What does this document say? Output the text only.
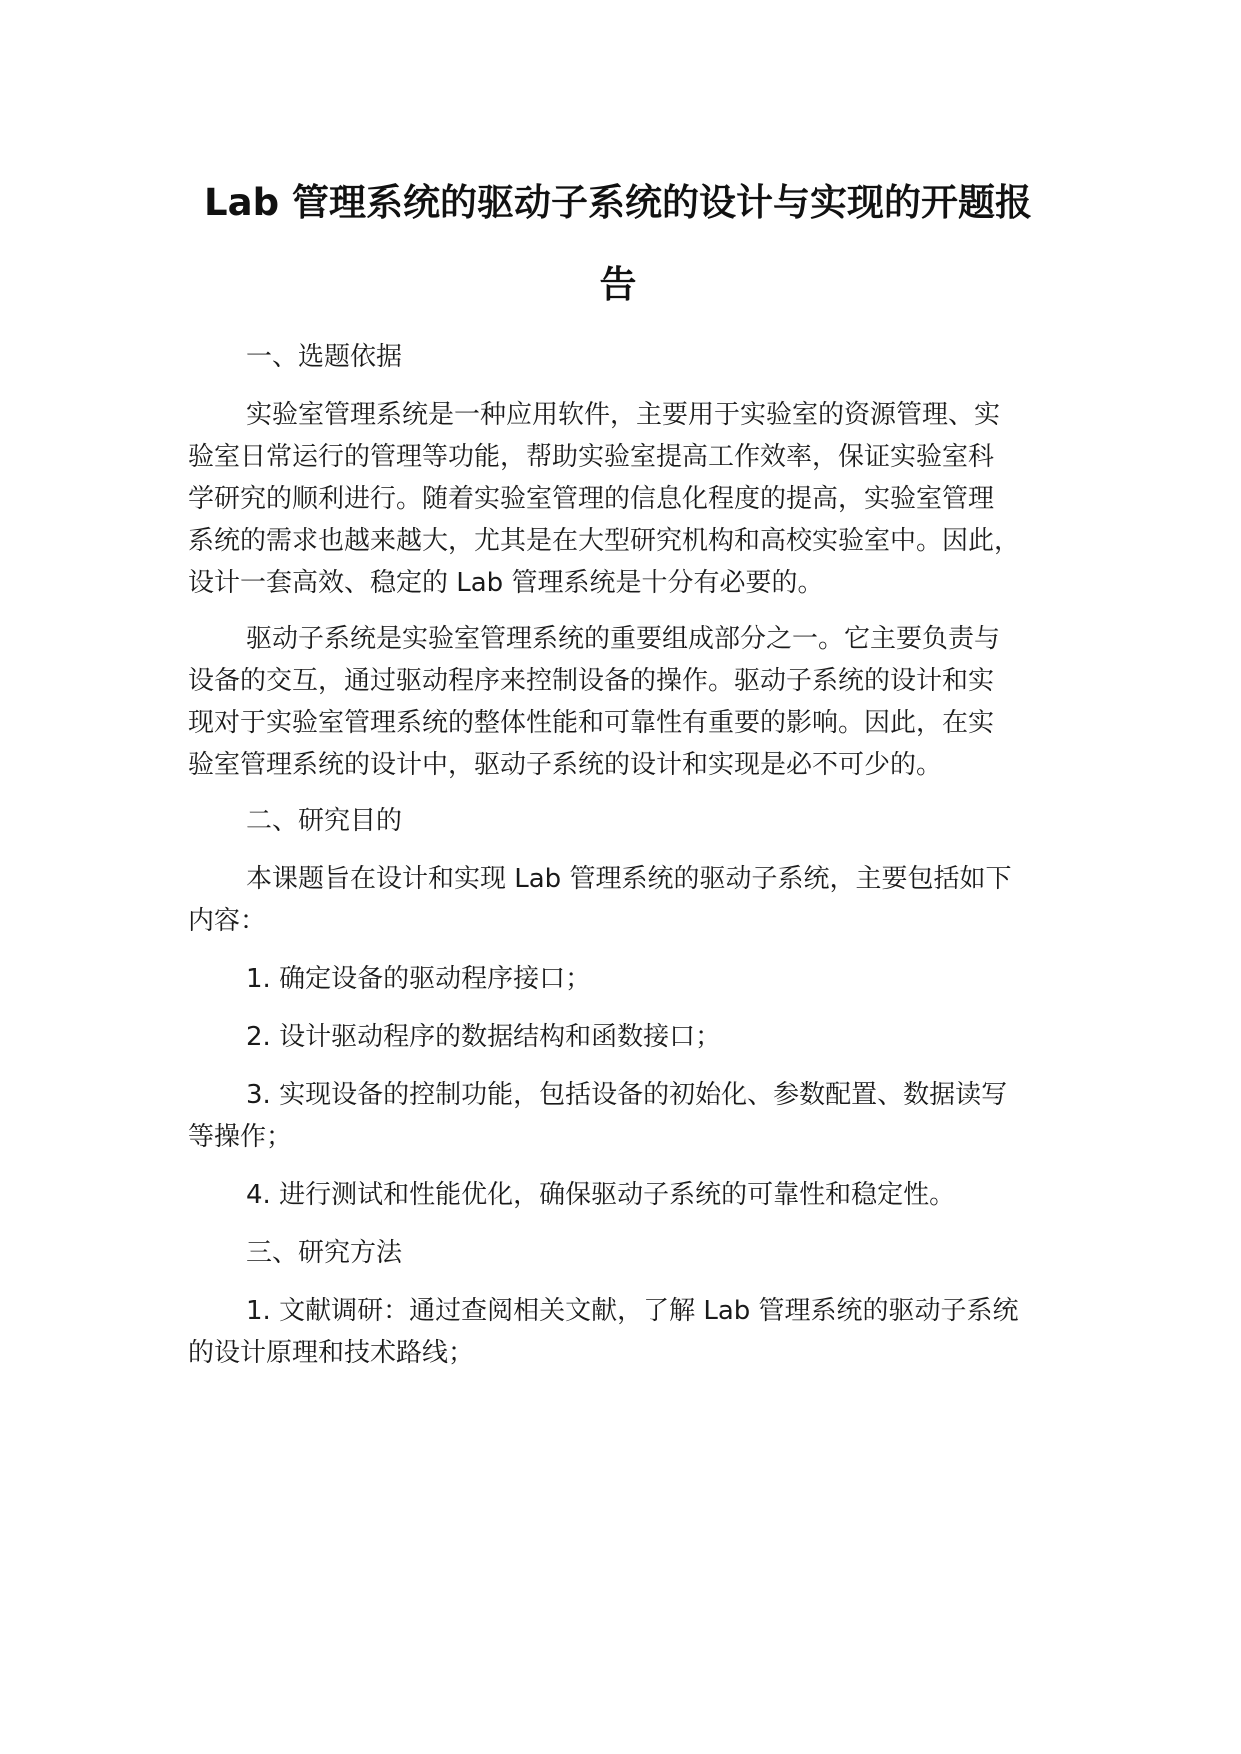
Lab 管理系统的驱动子系统的设计与实现的开题报
告
一、选题依据
实验室管理系统是一种应用软件，主要用于实验室的资源管理、实
验室日常运行的管理等功能，帮助实验室提高工作效率，保证实验室科
学研究的顺利进行。随着实验室管理的信息化程度的提高，实验室管理
系统的需求也越来越大，尤其是在大型研究机构和高校实验室中。因此，
设计一套高效、稳定的 Lab 管理系统是十分有必要的。
驱动子系统是实验室管理系统的重要组成部分之一。它主要负责与
设备的交互，通过驱动程序来控制设备的操作。驱动子系统的设计和实
现对于实验室管理系统的整体性能和可靠性有重要的影响。因此，在实
验室管理系统的设计中，驱动子系统的设计和实现是必不可少的。
二、研究目的
本课题旨在设计和实现 Lab 管理系统的驱动子系统，主要包括如下
内容：
1. 确定设备的驱动程序接口；
2. 设计驱动程序的数据结构和函数接口；
3. 实现设备的控制功能，包括设备的初始化、参数配置、数据读写
等操作；
4. 进行测试和性能优化，确保驱动子系统的可靠性和稳定性。
三、研究方法
1. 文献调研：通过查阅相关文献，了解 Lab 管理系统的驱动子系统
的设计原理和技术路线；
